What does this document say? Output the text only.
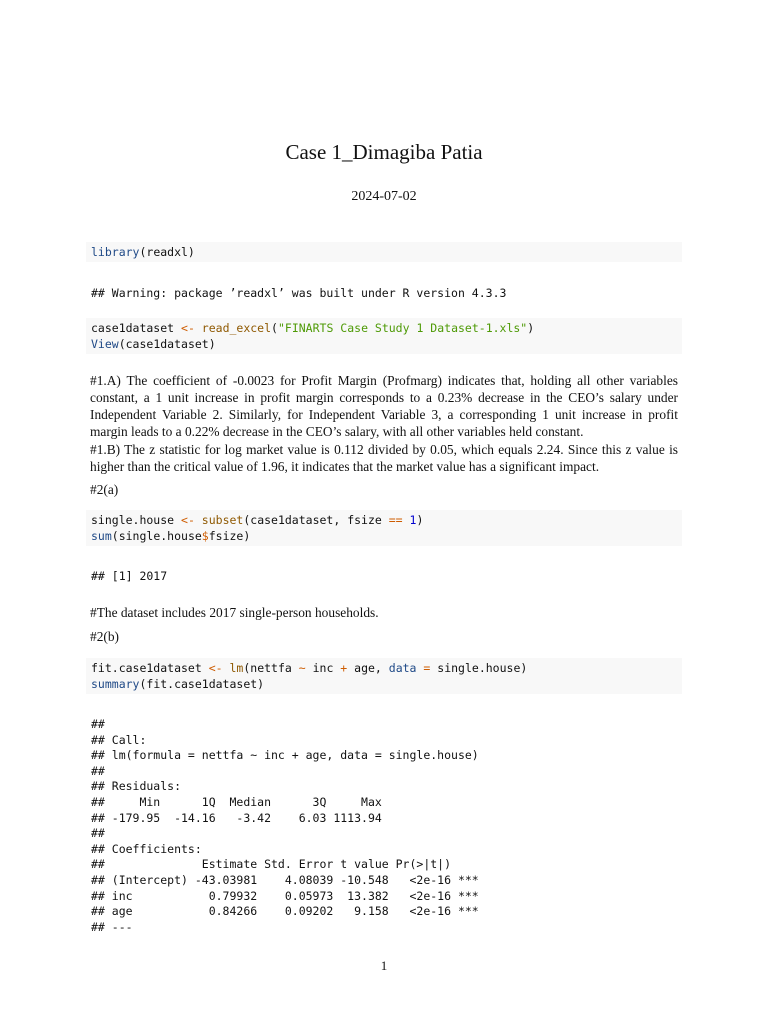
Case 1_Dimagiba Patia
2024-07-02
library(readxl)
## Warning: package ’readxl’ was built under R version 4.3.3
case1dataset <- read_excel("FINARTS Case Study 1 Dataset-1.xls")
View(case1dataset)
#1.A) The coefficient of -0.0023 for Profit Margin (Profmarg) indicates that, holding all other variables constant, a 1 unit increase in profit margin corresponds to a 0.23% decrease in the CEO’s salary under Independent Variable 2. Similarly, for Independent Variable 3, a corresponding 1 unit increase in profit margin leads to a 0.22% decrease in the CEO’s salary, with all other variables held constant.
#1.B) The z statistic for log market value is 0.112 divided by 0.05, which equals 2.24. Since this z value is higher than the critical value of 1.96, it indicates that the market value has a significant impact.
#2(a)
single.house <- subset(case1dataset, fsize == 1)
sum(single.house$fsize)
## [1] 2017
#The dataset includes 2017 single-person households.
#2(b)
fit.case1dataset <- lm(nettfa ~ inc + age, data = single.house)
summary(fit.case1dataset)
##
## Call:
## lm(formula = nettfa ~ inc + age, data = single.house)
##
## Residuals:
##     Min      1Q  Median      3Q     Max
## -179.95  -14.16   -3.42    6.03 1113.94
##
## Coefficients:
##              Estimate Std. Error t value Pr(>|t|)
## (Intercept) -43.03981    4.08039 -10.548   <2e-16 ***
## inc           0.79932    0.05973  13.382   <2e-16 ***
## age           0.84266    0.09202   9.158   <2e-16 ***
## ---
1
